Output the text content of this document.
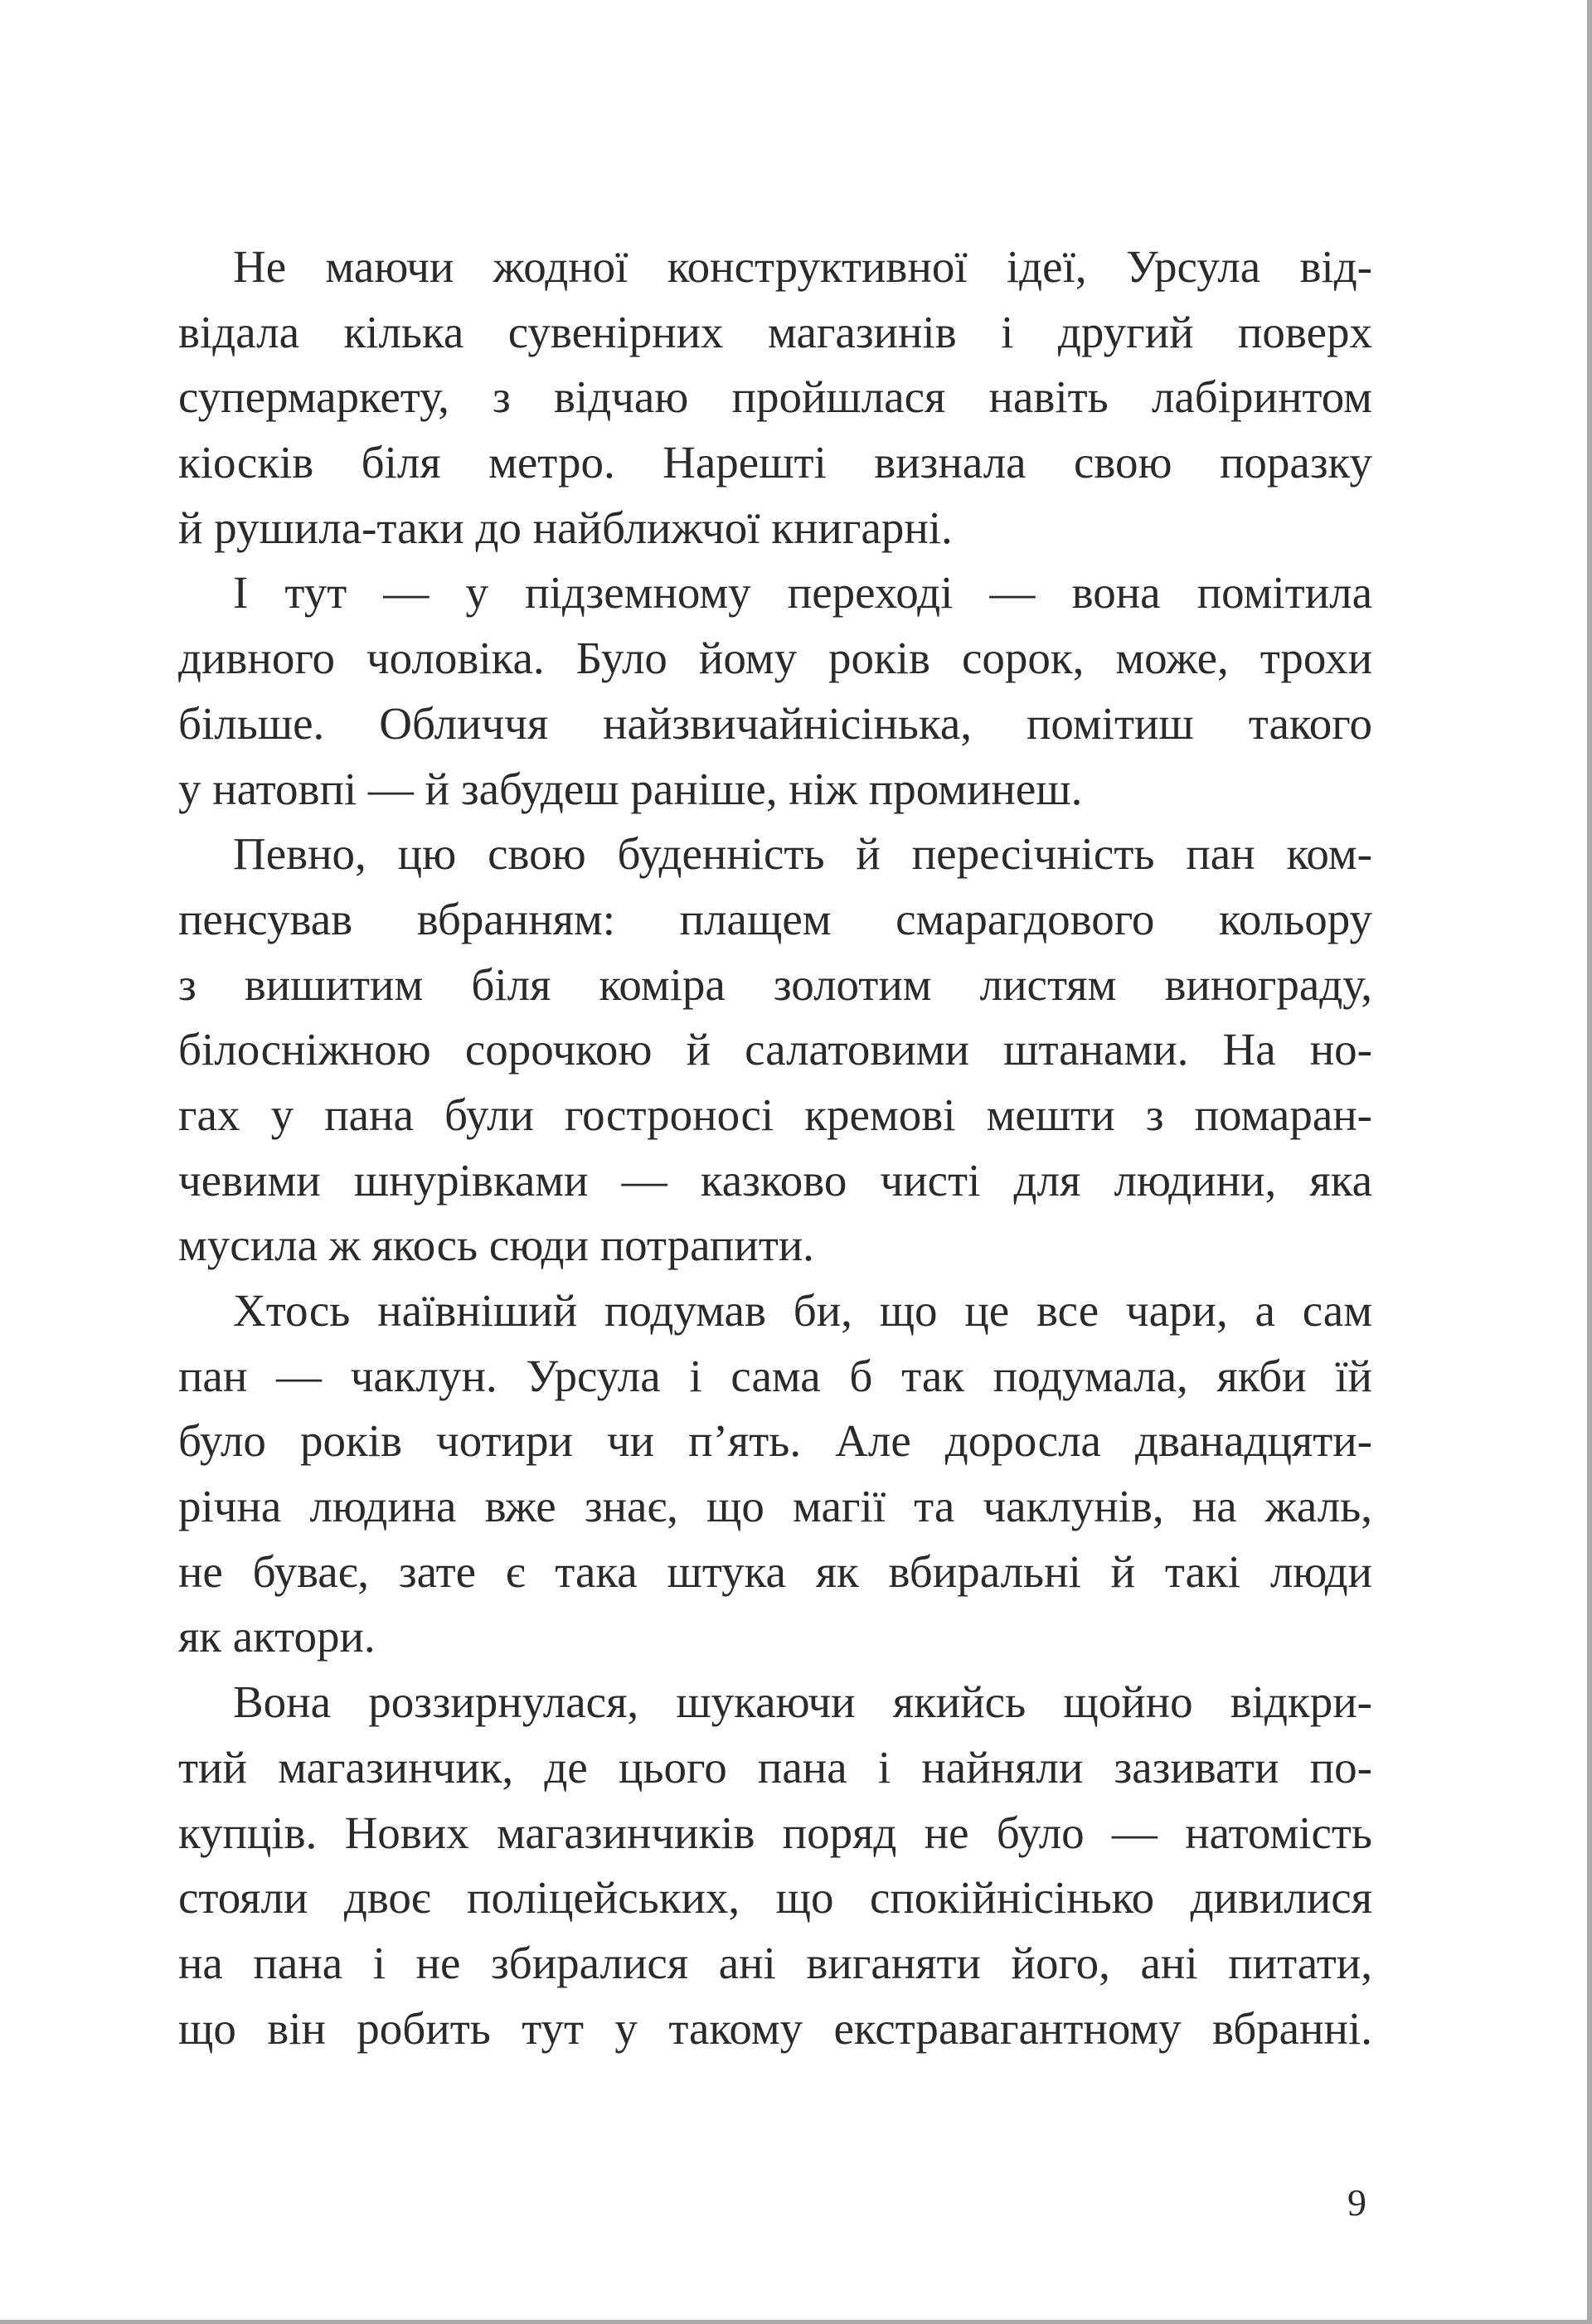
Не маючи жодної конструктивної ідеї, Урсула від-
відала кілька сувенірних магазинів і другий поверх
супермаркету, з відчаю пройшлася навіть лабіринтом
кіосків біля метро. Нарешті визнала свою поразку
й рушила-таки до найближчої книгарні.
І тут — у підземному переході — вона помітила
дивного чоловіка. Було йому років сорок, може, трохи
більше. Обличчя найзвичайнісінька, помітиш такого
у натовпі — й забудеш раніше, ніж проминеш.
Певно, цю свою буденність й пересічність пан ком-
пенсував вбранням: плащем смарагдового кольору
з вишитим біля коміра золотим листям винограду,
білосніжною сорочкою й салатовими штанами. На но-
гах у пана були гостроносі кремові мешти з помаран-
чевими шнурівками — казково чисті для людини, яка
мусила ж якось сюди потрапити.
Хтось наївніший подумав би, що це все чари, а сам
пан — чаклун. Урсула і сама б так подумала, якби їй
було років чотири чи п’ять. Але доросла дванадцяти-
річна людина вже знає, що магії та чаклунів, на жаль,
не буває, зате є така штука як вбиральні й такі люди
як актори.
Вона роззирнулася, шукаючи якийсь щойно відкри-
тий магазинчик, де цього пана і найняли зазивати по-
купців. Нових магазинчиків поряд не було — натомість
стояли двоє поліцейських, що спокійнісінько дивилися
на пана і не збиралися ані виганяти його, ані питати,
що він робить тут у такому екстравагантному вбранні.
9
